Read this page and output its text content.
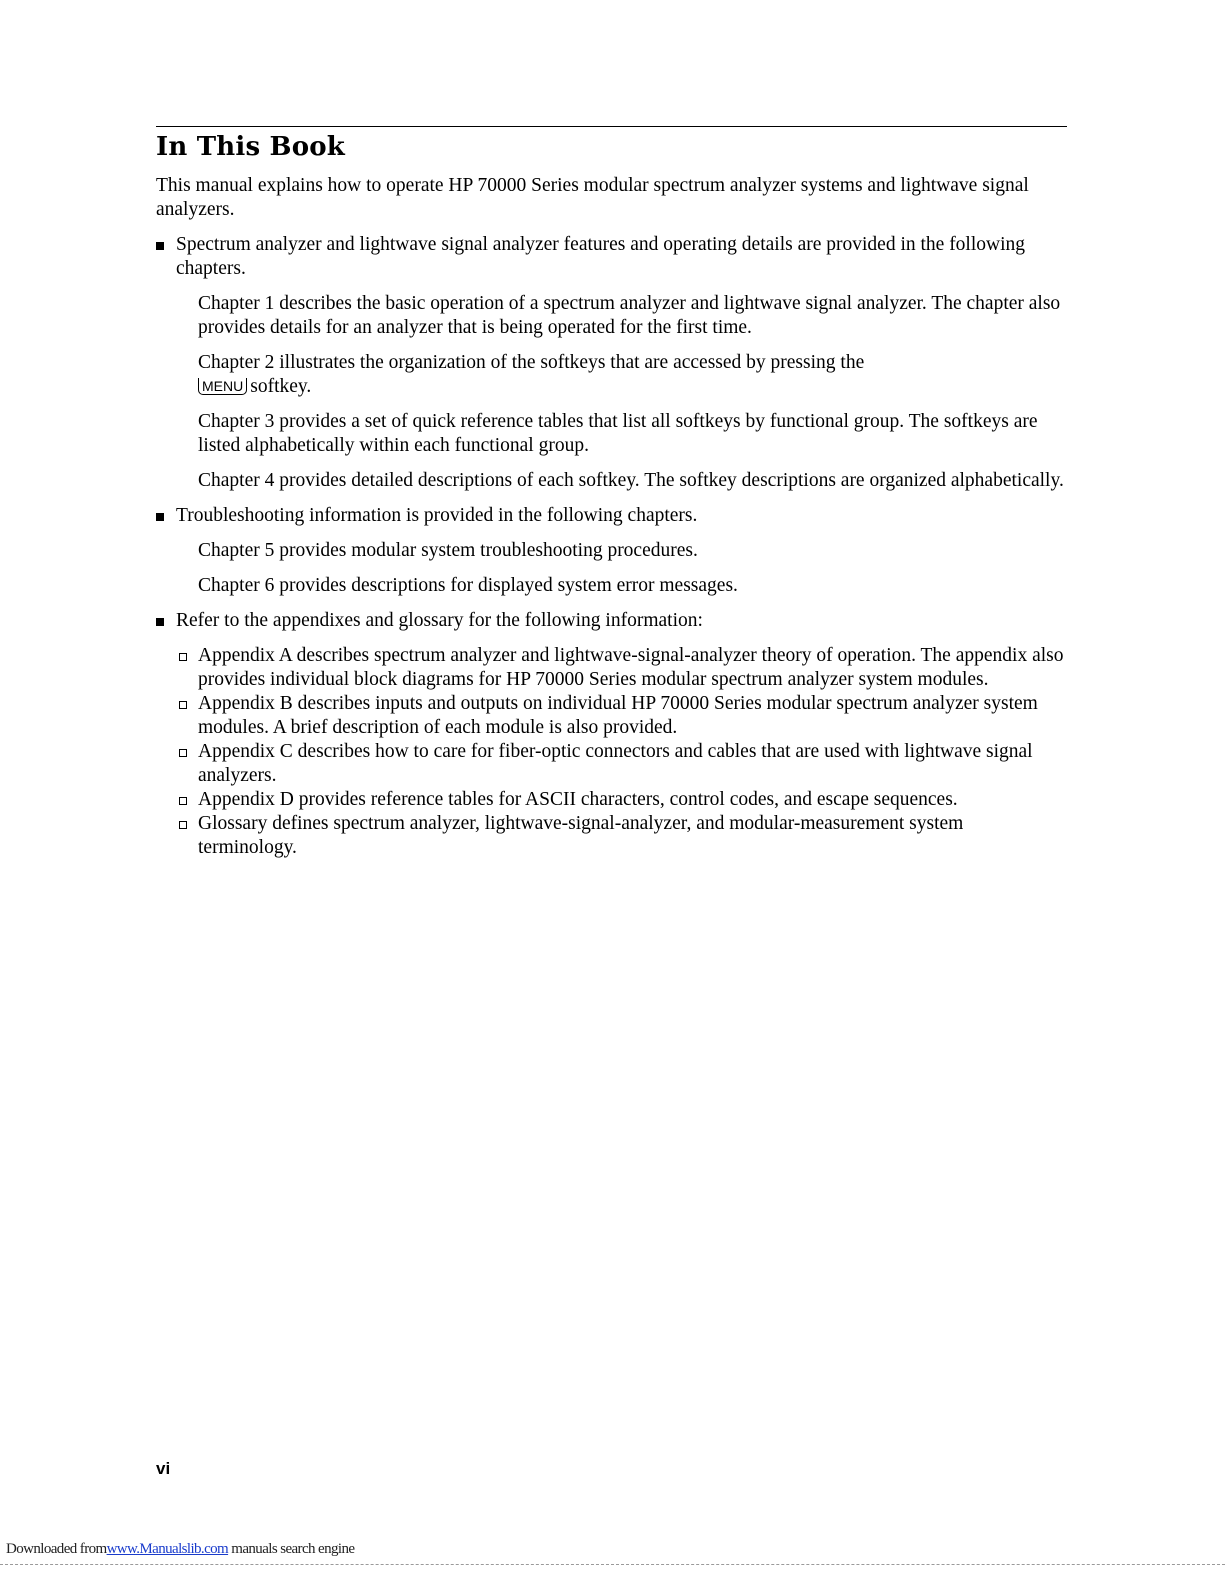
In This Book

This manual explains how to operate HP 70000 Series modular spectrum analyzer systems and lightwave signal analyzers.

Spectrum analyzer and lightwave signal analyzer features and operating details are provided in the following chapters.

Chapter 1 describes the basic operation of a spectrum analyzer and lightwave signal analyzer. The chapter also provides details for an analyzer that is being operated for the first time.

Chapter 2 illustrates the organization of the softkeys that are accessed by pressing the
MENU softkey.

Chapter 3 provides a set of quick reference tables that list all softkeys by functional group. The softkeys are listed alphabetically within each functional group.

Chapter 4 provides detailed descriptions of each softkey. The softkey descriptions are organized alphabetically.

Troubleshooting information is provided in the following chapters.

Chapter 5 provides modular system troubleshooting procedures.

Chapter 6 provides descriptions for displayed system error messages.

Refer to the appendixes and glossary for the following information:

Appendix A describes spectrum analyzer and lightwave-signal-analyzer theory of operation. The appendix also provides individual block diagrams for HP 70000 Series modular spectrum analyzer system modules.

Appendix B describes inputs and outputs on individual HP 70000 Series modular spectrum analyzer system modules. A brief description of each module is also provided.

Appendix C describes how to care for fiber-optic connectors and cables that are used with lightwave signal analyzers.

Appendix D provides reference tables for ASCII characters, control codes, and escape sequences.

Glossary defines spectrum analyzer, lightwave-signal-analyzer, and modular-measurement system terminology.

vi
Downloaded fromwww.Manualslib.com manuals search engine
